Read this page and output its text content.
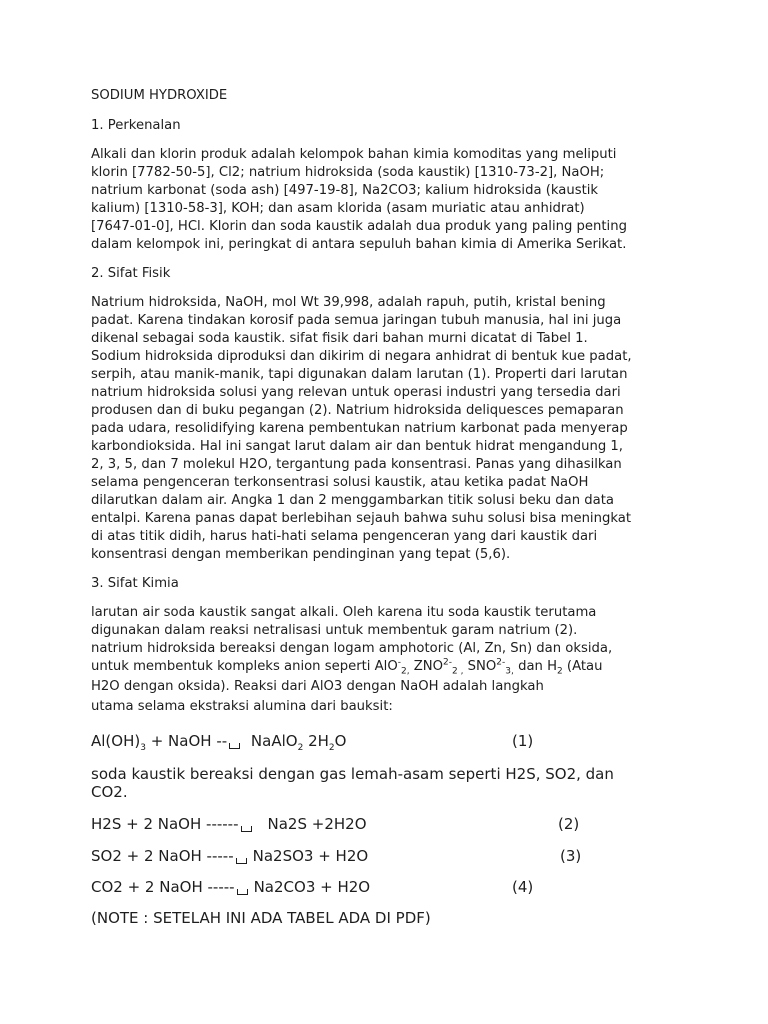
SODIUM HYDROXIDE
1. Perkenalan
Alkali dan klorin produk adalah kelompok bahan kimia komoditas yang meliputi
klorin [7782-50-5], Cl2; natrium hidroksida (soda kaustik) [1310-73-2], NaOH;
natrium karbonat (soda ash) [497-19-8], Na2CO3; kalium hidroksida (kaustik
kalium) [1310-58-3], KOH; dan asam klorida (asam muriatic atau anhidrat)
[7647-01-0], HCl. Klorin dan soda kaustik adalah dua produk yang paling penting
dalam kelompok ini, peringkat di antara sepuluh bahan kimia di Amerika Serikat.
2. Sifat Fisik
Natrium hidroksida, NaOH, mol Wt 39,998, adalah rapuh, putih, kristal bening
padat. Karena tindakan korosif pada semua jaringan tubuh manusia, hal ini juga
dikenal sebagai soda kaustik. sifat fisik dari bahan murni dicatat di Tabel 1.
Sodium hidroksida diproduksi dan dikirim di negara anhidrat di bentuk kue padat,
serpih, atau manik-manik, tapi digunakan dalam larutan (1). Properti dari larutan
natrium hidroksida solusi yang relevan untuk operasi industri yang tersedia dari
produsen dan di buku pegangan (2). Natrium hidroksida deliquesces pemaparan
pada udara, resolidifying karena pembentukan natrium karbonat pada menyerap
karbondioksida. Hal ini sangat larut dalam air dan bentuk hidrat mengandung 1,
2, 3, 5, dan 7 molekul H2O, tergantung pada konsentrasi. Panas yang dihasilkan
selama pengenceran terkonsentrasi solusi kaustik, atau ketika padat NaOH
dilarutkan dalam air. Angka 1 dan 2 menggambarkan titik solusi beku dan data
entalpi. Karena panas dapat berlebihan sejauh bahwa suhu solusi bisa meningkat
di atas titik didih, harus hati-hati selama pengenceran yang dari kaustik dari
konsentrasi dengan memberikan pendinginan yang tepat (5,6).
3. Sifat Kimia
larutan air soda kaustik sangat alkali. Oleh karena itu soda kaustik terutama
digunakan dalam reaksi netralisasi untuk membentuk garam natrium (2).
natrium hidroksida bereaksi dengan logam amphotoric (Al, Zn, Sn) dan oksida,
untuk membentuk kompleks anion seperti AlO-$_{2,}$ $ZNO^{2-}_{2 ,}$ $SNO^{2-}_{3,}$ dan $H_2$ (Atau
H2O dengan oksida). Reaksi dari AlO3 dengan NaOH adalah langkah
utama selama ekstraksi alumina dari bauksit:
$Al(OH)_3$ + NaOH -- NaAlO$_2$ $2H_2O$	(1)
soda kaustik bereaksi dengan gas lemah-asam seperti H2S, SO2, dan
CO2.
H2S + 2 NaOH ------ Na2S +2H2O	(2)
SO2 + 2 NaOH ----- Na2SO3 + H2O	(3)
CO2 + 2 NaOH ----- Na2CO3 + H2O	(4)
(NOTE : SETELAH INI ADA TABEL ADA DI PDF)
